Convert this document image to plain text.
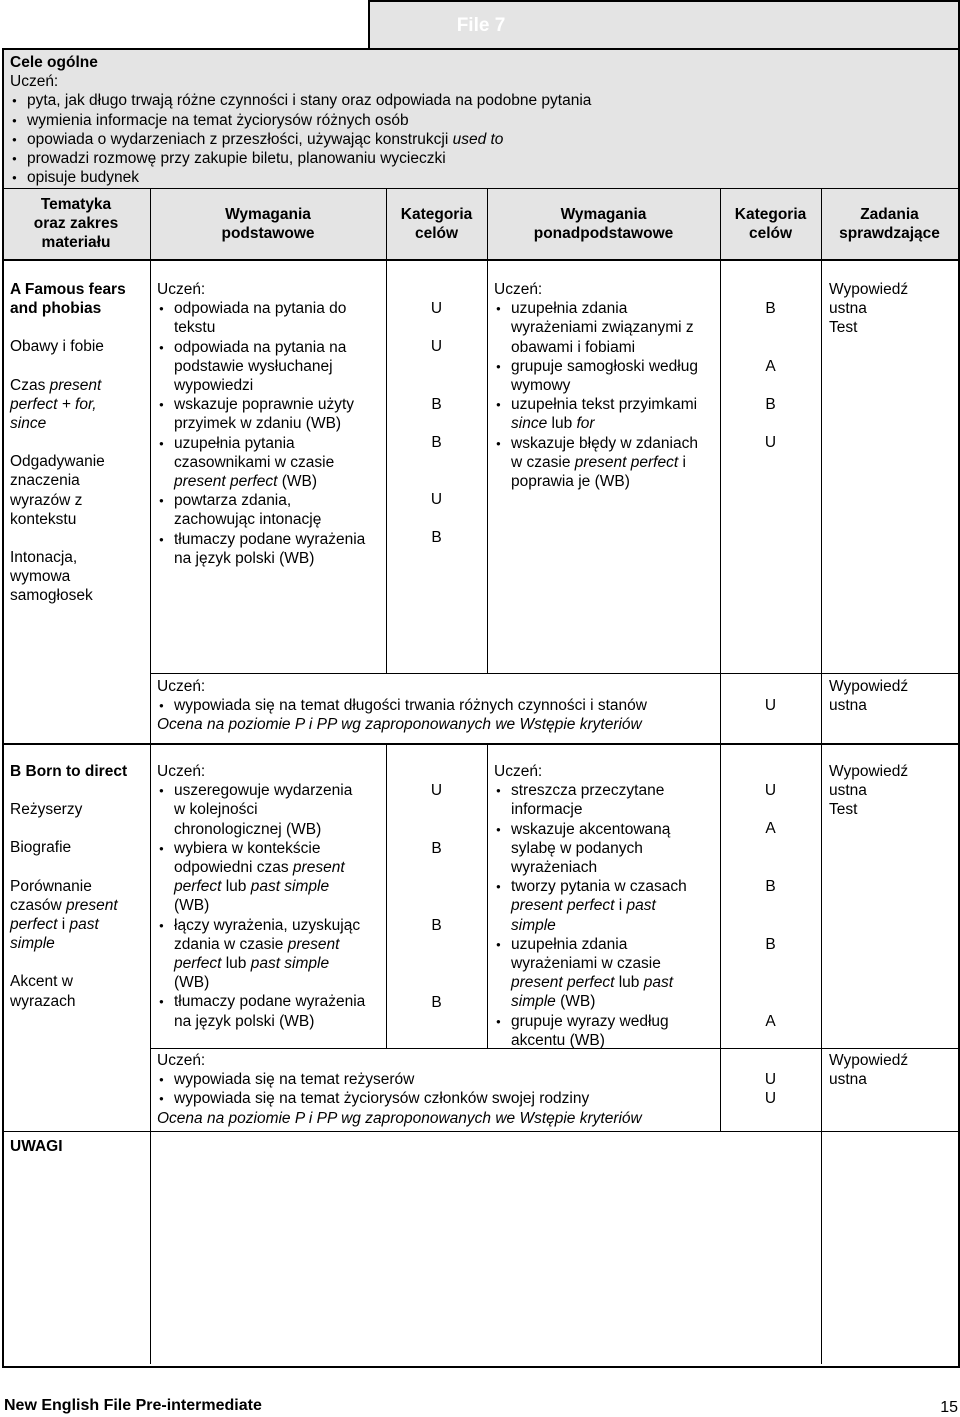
File 7
Cele ogólne
Uczeń:
● pyta, jak długo trwają różne czynności i stany oraz odpowiada na podobne pytania
● wymienia informacje na temat życiorysów różnych osób
● opowiada o wydarzeniach z przeszłości, używając konstrukcji used to
● prowadzi rozmowę przy zakupie biletu, planowaniu wycieczki
● opisuje budynek
Tematyka
oraz zakres
materiału
Wymagania
podstawowe
Kategoria
celów
Wymagania
ponadpodstawowe
Kategoria
celów
Zadania
sprawdzające
A Famous fears
and phobias
Obawy i fobie
Czas present
perfect + for,
since
Odgadywanie
znaczenia
wyrazów z
kontekstu
Intonacja,
wymowa
samogłosek
Uczeń:
● odpowiada na pytania do
tekstu
● odpowiada na pytania na
podstawie wysłuchanej
wypowiedzi
● wskazuje poprawnie użyty
przyimek w zdaniu (WB)
● uzupełnia pytania
czasownikami w czasie
present perfect (WB)
● powtarza zdania,
zachowując intonację
● tłumaczy podane wyrażenia
na język polski (WB)
U
U
B
B
U
B
Uczeń:
● uzupełnia zdania
wyrażeniami związanymi z
obawami i fobiami
● grupuje samogłoski według
wymowy
● uzupełnia tekst przyimkami
since lub for
● wskazuje błędy w zdaniach
w czasie present perfect i
poprawia je (WB)
B
A
B
U
Wypowiedź
ustna
Test
Uczeń:
● wypowiada się na temat długości trwania różnych czynności i stanów
Ocena na poziomie P i PP wg zaproponowanych we Wstępie kryteriów
U
Wypowiedź
ustna
B Born to direct
Reżyserzy
Biografie
Porównanie
czasów present
perfect i past
simple
Akcent w
wyrazach
Uczeń:
● uszeregowuje wydarzenia
w kolejności
chronologicznej (WB)
● wybiera w kontekście
odpowiedni czas present
perfect lub past simple
(WB)
● łączy wyrażenia, uzyskując
zdania w czasie present
perfect lub past simple
(WB)
● tłumaczy podane wyrażenia
na język polski (WB)
U
B
B
B
Uczeń:
● streszcza przeczytane
informacje
● wskazuje akcentowaną
sylabę w podanych
wyrażeniach
● tworzy pytania w czasach
present perfect i past
simple
● uzupełnia zdania
wyrażeniami w czasie
present perfect lub past
simple (WB)
● grupuje wyrazy według
akcentu (WB)
U
A
B
B
A
Wypowiedź
ustna
Test
Uczeń:
● wypowiada się na temat reżyserów
● wypowiada się na temat życiorysów członków swojej rodziny
Ocena na poziomie P i PP wg zaproponowanych we Wstępie kryteriów
U
U
Wypowiedź
ustna
UWAGI
New English File Pre-intermediate	15
